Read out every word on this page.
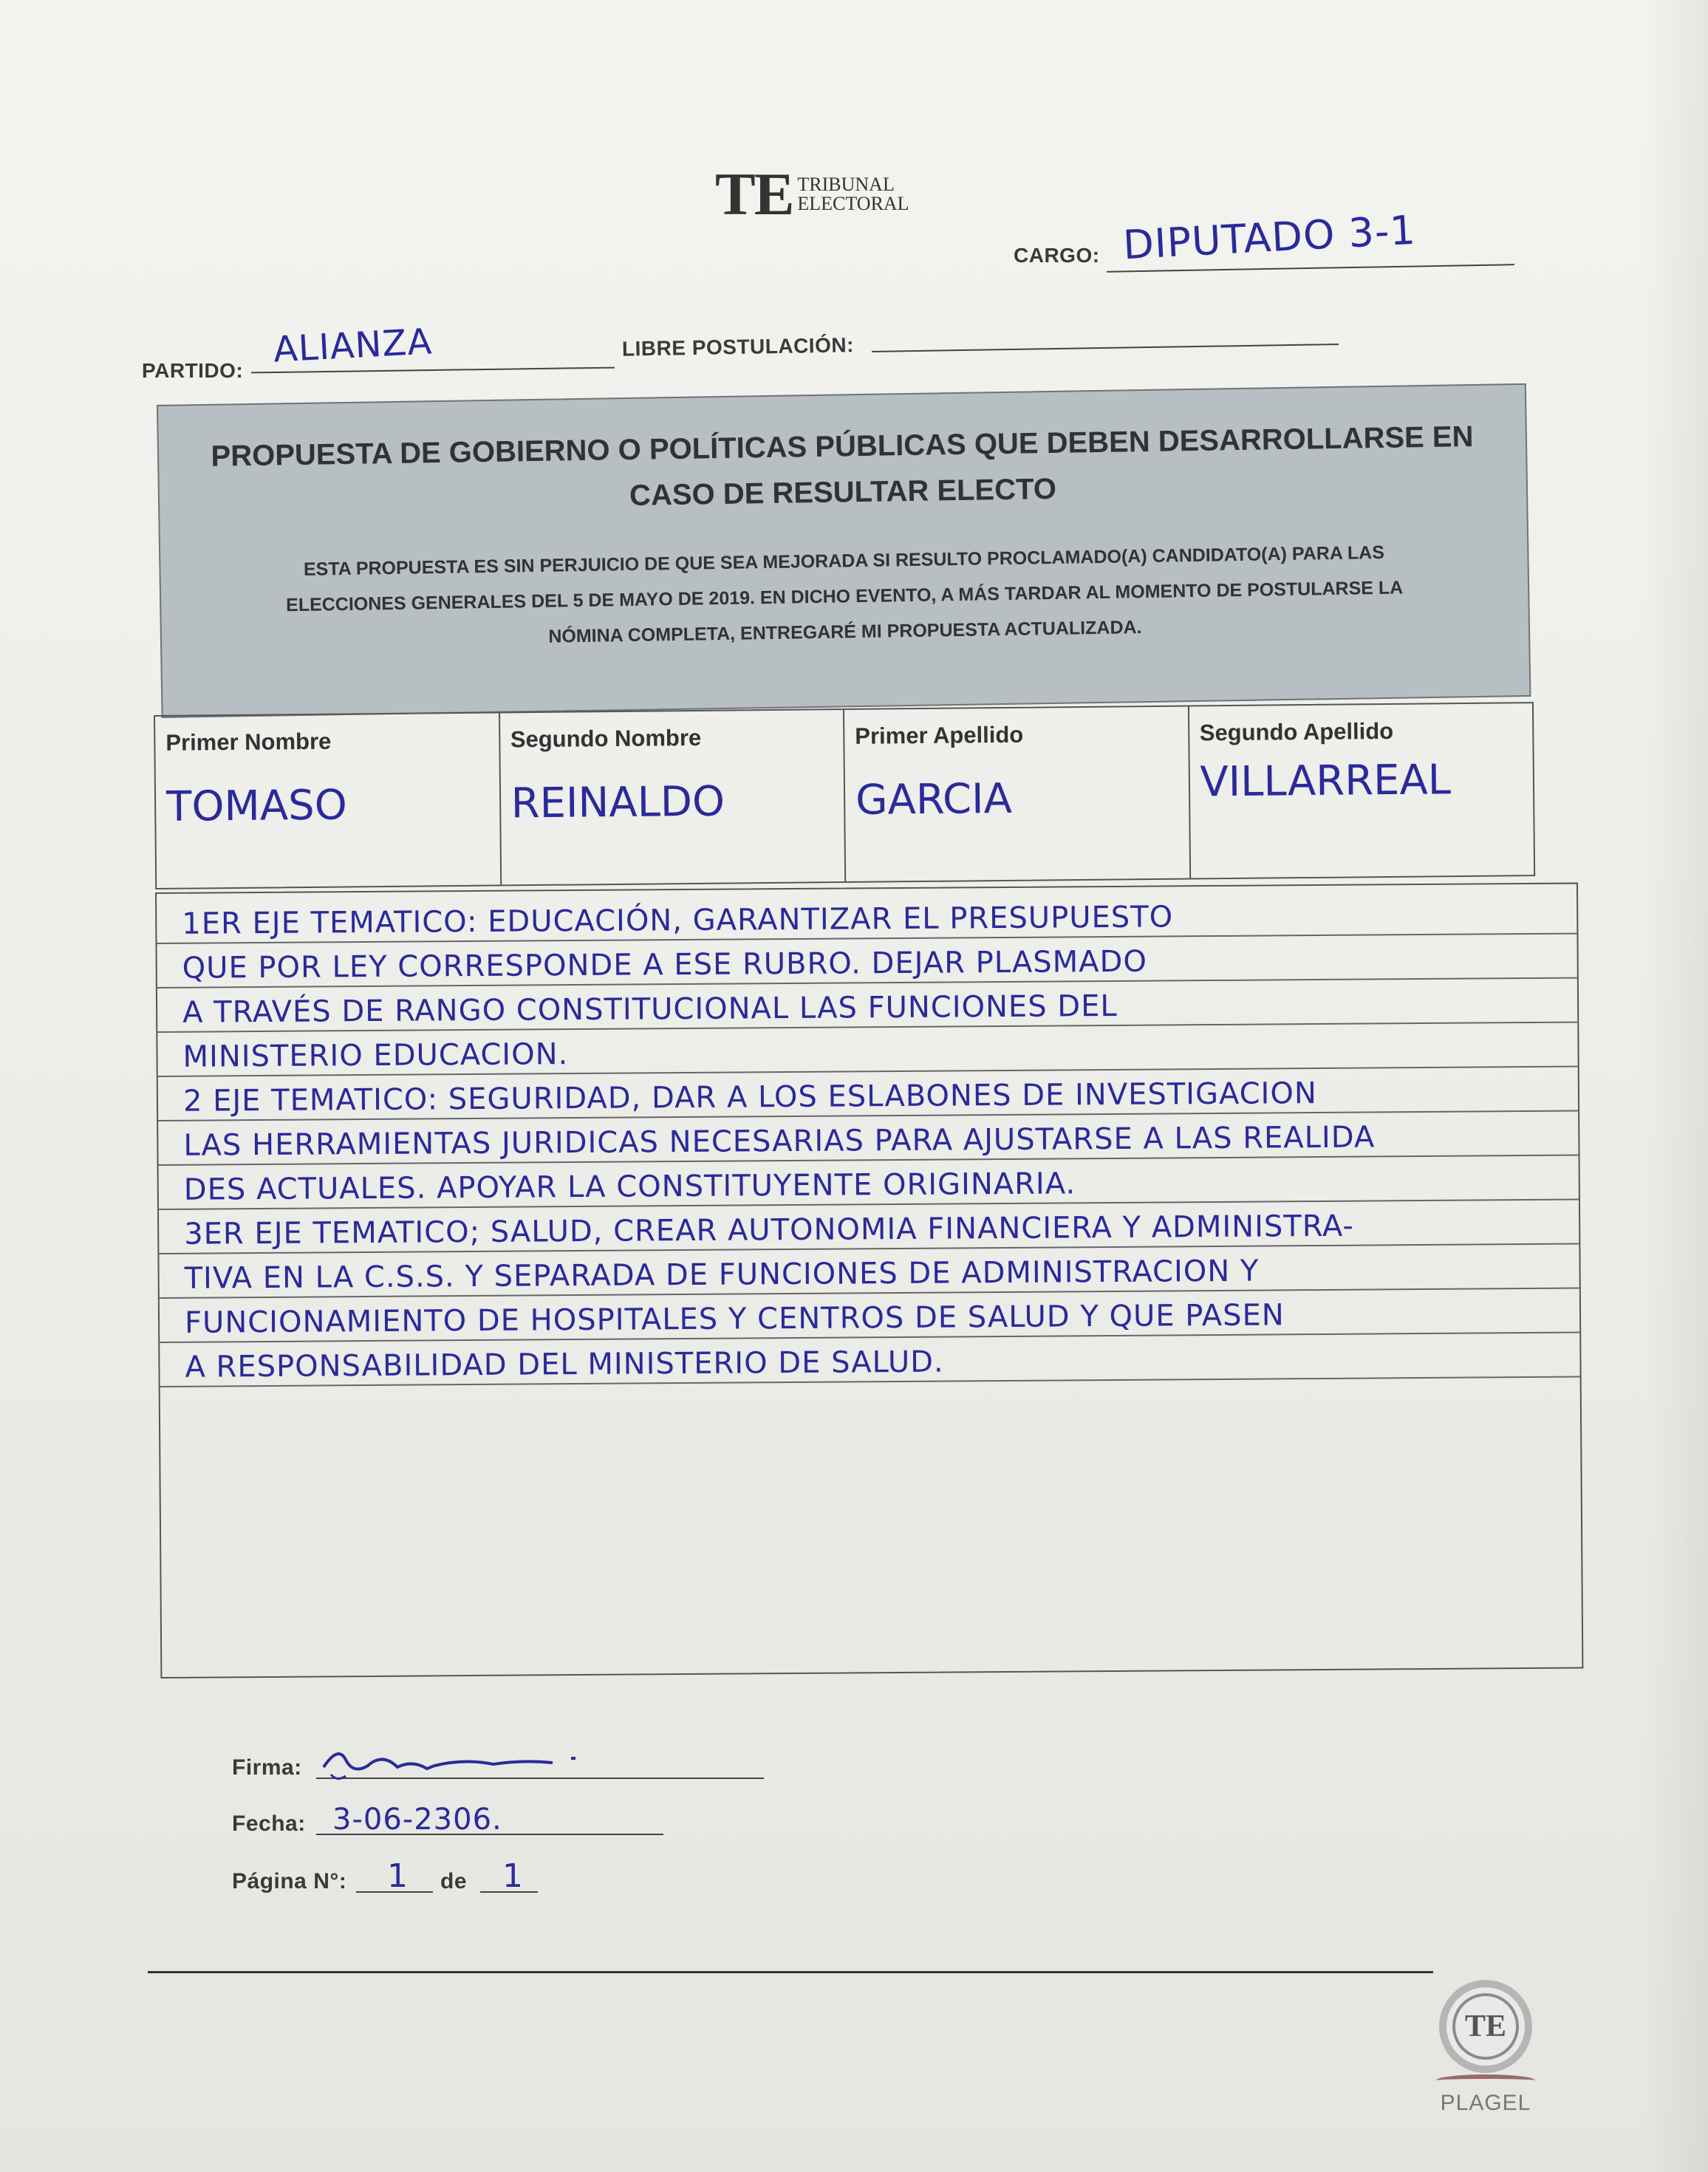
TE TRIBUNAL
ELECTORAL
CARGO: DIPUTADO 3-1
PARTIDO: ALIANZA	LIBRE POSTULACIÓN:
PROPUESTA DE GOBIERNO O POLÍTICAS PÚBLICAS QUE DEBEN DESARROLLARSE EN
CASO DE RESULTAR ELECTO
ESTA PROPUESTA ES SIN PERJUICIO DE QUE SEA MEJORADA SI RESULTO PROCLAMADO(A) CANDIDATO(A) PARA LAS
ELECCIONES GENERALES DEL 5 DE MAYO DE 2019. EN DICHO EVENTO, A MÁS TARDAR AL MOMENTO DE POSTULARSE LA
NÓMINA COMPLETA, ENTREGARÉ MI PROPUESTA ACTUALIZADA.
Primer Nombre
TOMASO
Segundo Nombre
REINALDO
Primer Apellido
GARCIA
Segundo Apellido
VILLARREAL
1ER EJE TEMATICO: EDUCACIÓN, GARANTIZAR EL PRESUPUESTO
QUE POR LEY CORRESPONDE A ESE RUBRO. DEJAR PLASMADO
A TRAVÉS DE RANGO CONSTITUCIONAL LAS FUNCIONES DEL
MINISTERIO EDUCACION.
2 EJE TEMATICO: SEGURIDAD, DAR A LOS ESLABONES DE INVESTIGACION
LAS HERRAMIENTAS JURIDICAS NECESARIAS PARA AJUSTARSE A LAS REALIDA
DES ACTUALES. APOYAR LA CONSTITUYENTE ORIGINARIA.
3ER EJE TEMATICO; SALUD, CREAR AUTONOMIA FINANCIERA Y ADMINISTRA-
TIVA EN LA C.S.S. Y SEPARADA DE FUNCIONES DE ADMINISTRACION Y
FUNCIONAMIENTO DE HOSPITALES Y CENTROS DE SALUD Y QUE PASEN
A RESPONSABILIDAD DEL MINISTERIO DE SALUD.
Firma:
Fecha: 3-06-2306.
Página N°: 1 de 1
TE
PLAGEL
